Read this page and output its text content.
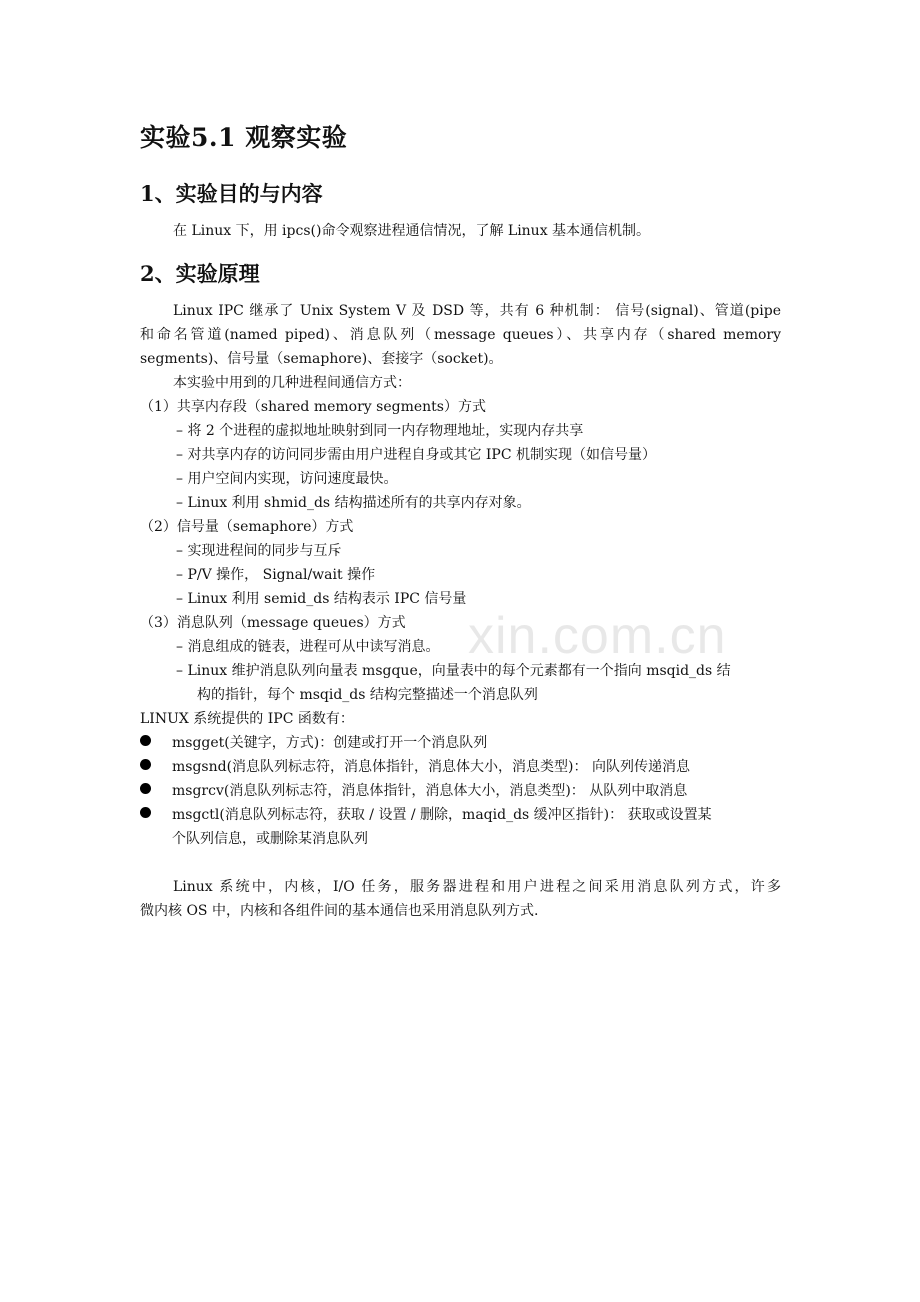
实验5.1 观察实验
1、实验目的与内容
在 Linux 下，用 ipcs()命令观察进程通信情况，了解 Linux 基本通信机制。
2、实验原理
Linux IPC 继承了 Unix System V 及 DSD 等，共有 6 种机制： 信号(signal)、管道(pipe
和命名管道(named piped)、消息队列（message queues）、共享内存（shared memory
segments)、信号量（semaphore)、套接字（socket)。
本实验中用到的几种进程间通信方式：
（1）共享内存段（shared memory segments）方式
– 将 2 个进程的虚拟地址映射到同一内存物理地址，实现内存共享
– 对共享内存的访问同步需由用户进程自身或其它 IPC 机制实现（如信号量）
– 用户空间内实现，访问速度最快。
– Linux 利用 shmid_ds 结构描述所有的共享内存对象。
（2）信号量（semaphore）方式
– 实现进程间的同步与互斥
– P/V 操作， Signal/wait 操作
– Linux 利用 semid_ds 结构表示 IPC 信号量
xin.com.cn
（3）消息队列（message queues）方式
– 消息组成的链表，进程可从中读写消息。
– Linux 维护消息队列向量表 msgque，向量表中的每个元素都有一个指向 msqid_ds 结
构的指针，每个 msqid_ds 结构完整描述一个消息队列
LINUX 系统提供的 IPC 函数有：
msgget(关键字，方式)：创建或打开一个消息队列
msgsnd(消息队列标志符，消息体指针，消息体大小，消息类型)： 向队列传递消息
msgrcv(消息队列标志符，消息体指针，消息体大小，消息类型)： 从队列中取消息
msgctl(消息队列标志符，获取 / 设置 / 删除，maqid_ds 缓冲区指针)： 获取或设置某
个队列信息，或删除某消息队列
Linux 系统中，内核，I/O 任务，服务器进程和用户进程之间采用消息队列方式，许多
微内核 OS 中，内核和各组件间的基本通信也采用消息队列方式.
